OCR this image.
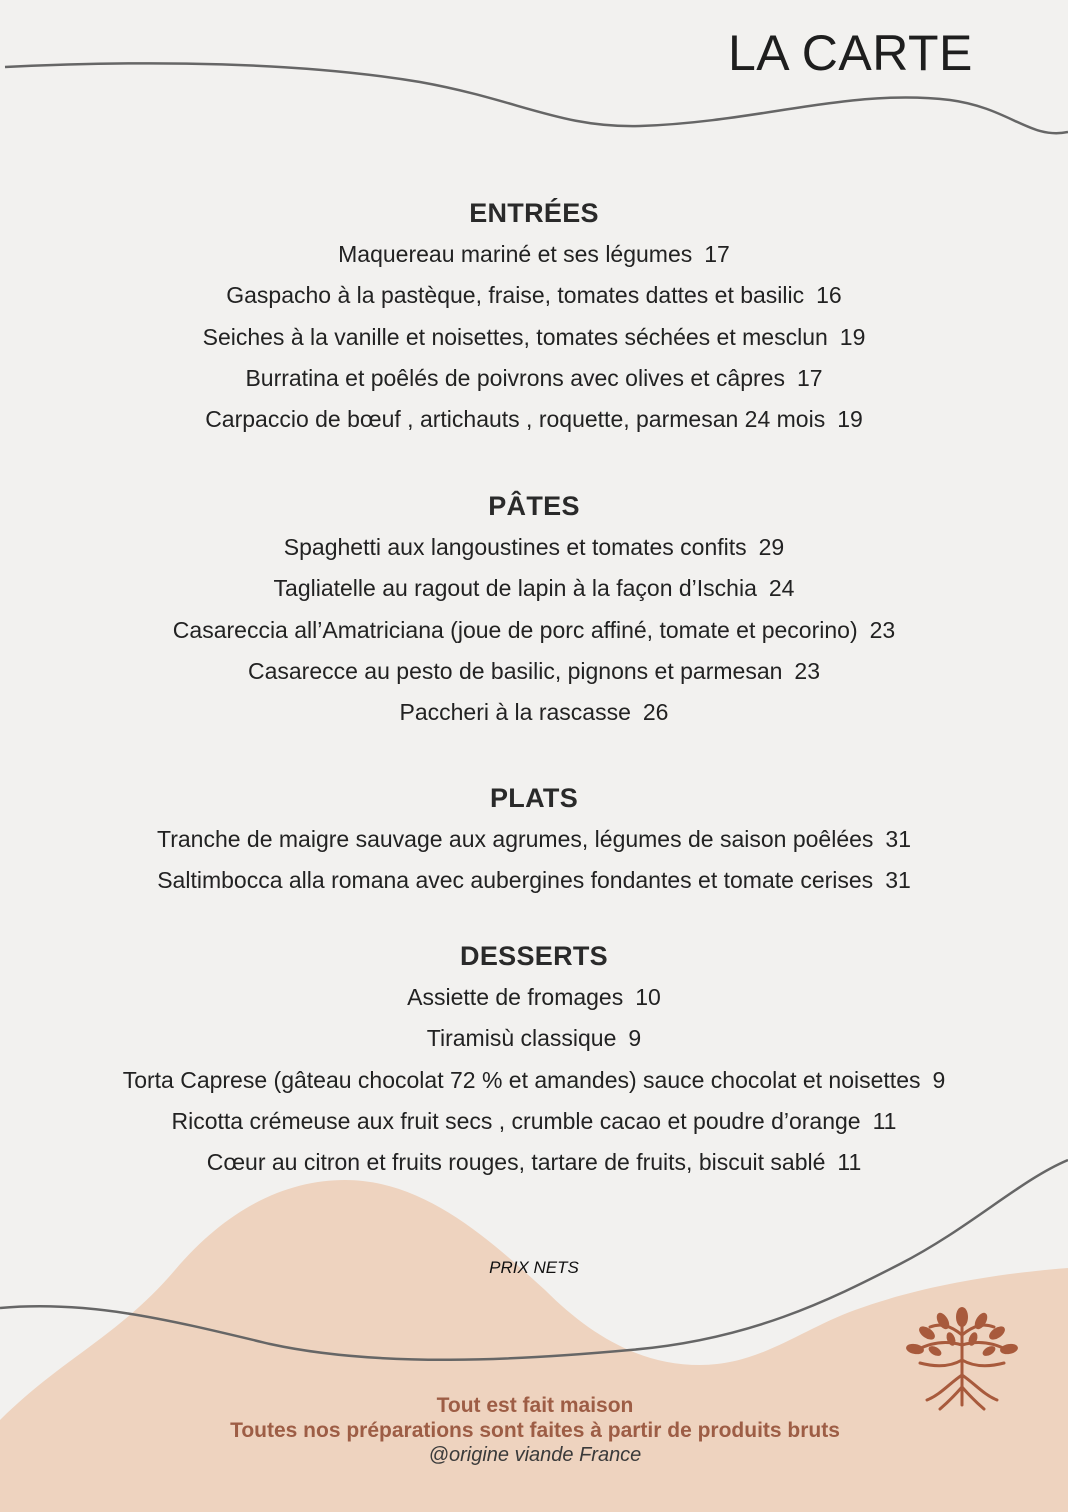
LA CARTE
ENTRÉES
Maquereau mariné et ses légumes 17
Gaspacho à la pastèque, fraise, tomates dattes et basilic 16
Seiches à la vanille et noisettes, tomates séchées et mesclun 19
Burratina et poêlés de poivrons avec olives et câpres 17
Carpaccio de bœuf , artichauts , roquette, parmesan 24 mois 19
PÂTES
Spaghetti aux langoustines et tomates confits 29
Tagliatelle au ragout de lapin à la façon d’Ischia 24
Casareccia all’Amatriciana (joue de porc affiné, tomate et pecorino) 23
Casarecce au pesto de basilic, pignons et parmesan 23
Paccheri à la rascasse 26
PLATS
Tranche de maigre sauvage aux agrumes, légumes de saison poêlées 31
Saltimbocca alla romana avec aubergines fondantes et tomate cerises 31
DESSERTS
Assiette de fromages 10
Tiramisù classique 9
Torta Caprese (gâteau chocolat 72 % et amandes) sauce chocolat et noisettes 9
Ricotta crémeuse aux fruit secs , crumble cacao et poudre d’orange 11
Cœur au citron et fruits rouges, tartare de fruits, biscuit sablé 11
PRIX NETS
Tout est fait maison
Toutes nos préparations sont faites à partir de produits bruts
@origine viande France
